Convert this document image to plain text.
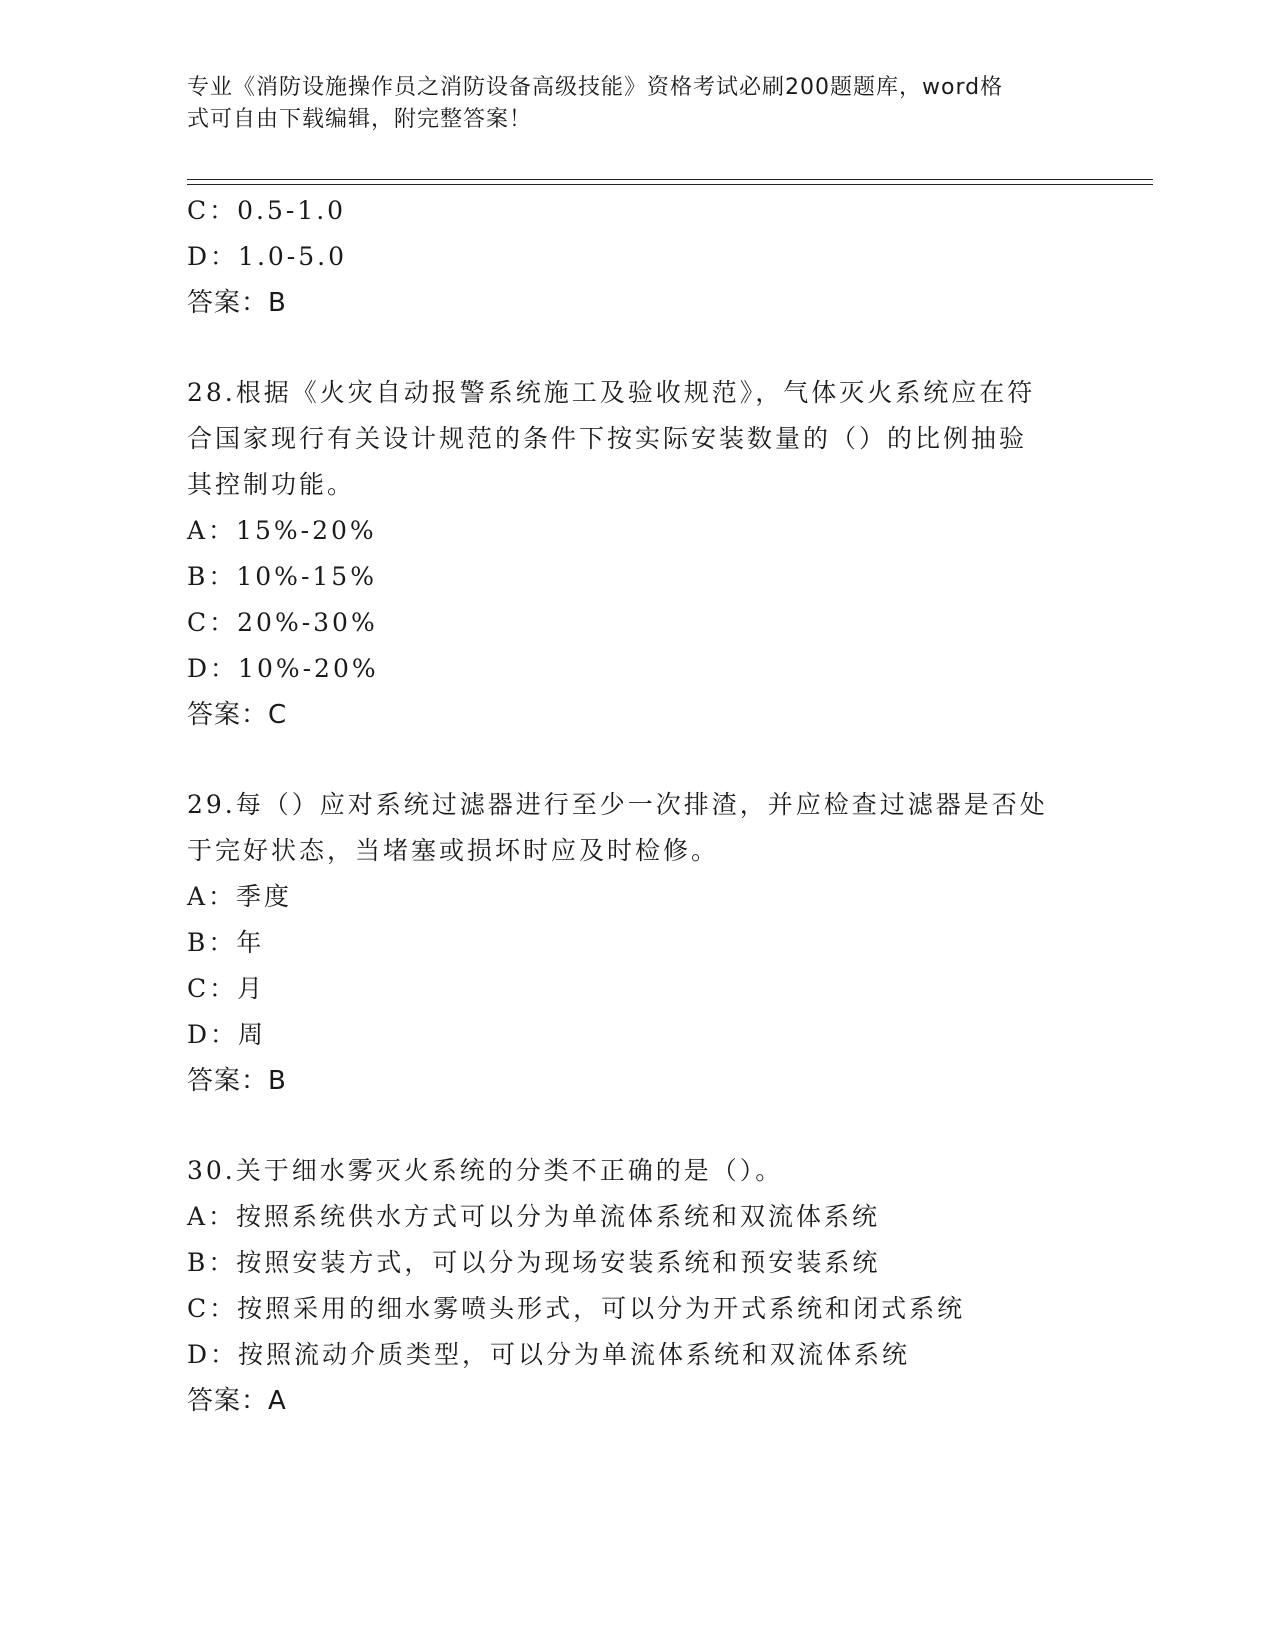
专业《消防设施操作员之消防设备高级技能》资格考试必刷200题题库，word格
式可自由下载编辑，附完整答案！
C：0.5-1.0
D：1.0-5.0
答案：B
28.根据《火灾自动报警系统施工及验收规范》，气体灭火系统应在符
合国家现行有关设计规范的条件下按实际安装数量的（）的比例抽验
其控制功能。
A：15%-20%
B：10%-15%
C：20%-30%
D：10%-20%
答案：C
29.每（）应对系统过滤器进行至少一次排渣，并应检查过滤器是否处
于完好状态，当堵塞或损坏时应及时检修。
A：季度
B：年
C：月
D：周
答案：B
30.关于细水雾灭火系统的分类不正确的是（）。
A：按照系统供水方式可以分为单流体系统和双流体系统
B：按照安装方式，可以分为现场安装系统和预安装系统
C：按照采用的细水雾喷头形式，可以分为开式系统和闭式系统
D：按照流动介质类型，可以分为单流体系统和双流体系统
答案：A
